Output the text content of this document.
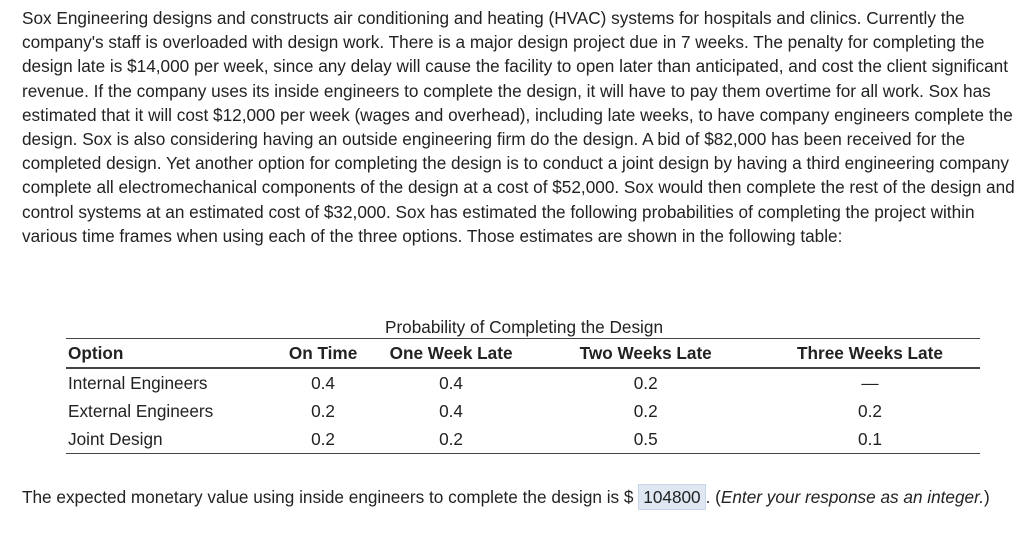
Sox Engineering designs and constructs air conditioning and heating (HVAC) systems for hospitals and clinics. Currently the company's staff is overloaded with design work. There is a major design project due in 7 weeks. The penalty for completing the design late is $14,000 per week, since any delay will cause the facility to open later than anticipated, and cost the client significant revenue. If the company uses its inside engineers to complete the design, it will have to pay them overtime for all work. Sox has estimated that it will cost $12,000 per week (wages and overhead), including late weeks, to have company engineers complete the design. Sox is also considering having an outside engineering firm do the design. A bid of $82,000 has been received for the completed design. Yet another option for completing the design is to conduct a joint design by having a third engineering company complete all electromechanical components of the design at a cost of $52,000. Sox would then complete the rest of the design and control systems at an estimated cost of $32,000. Sox has estimated the following probabilities of completing the project within various time frames when using each of the three options. Those estimates are shown in the following table:

Probability of Completing the Design
Option	On Time	One Week Late	Two Weeks Late	Three Weeks Late
Internal Engineers	0.4	0.4	0.2	—
External Engineers	0.2	0.4	0.2	0.2
Joint Design	0.2	0.2	0.5	0.1

The expected monetary value using inside engineers to complete the design is $ 104800 . (Enter your response as an integer.)
